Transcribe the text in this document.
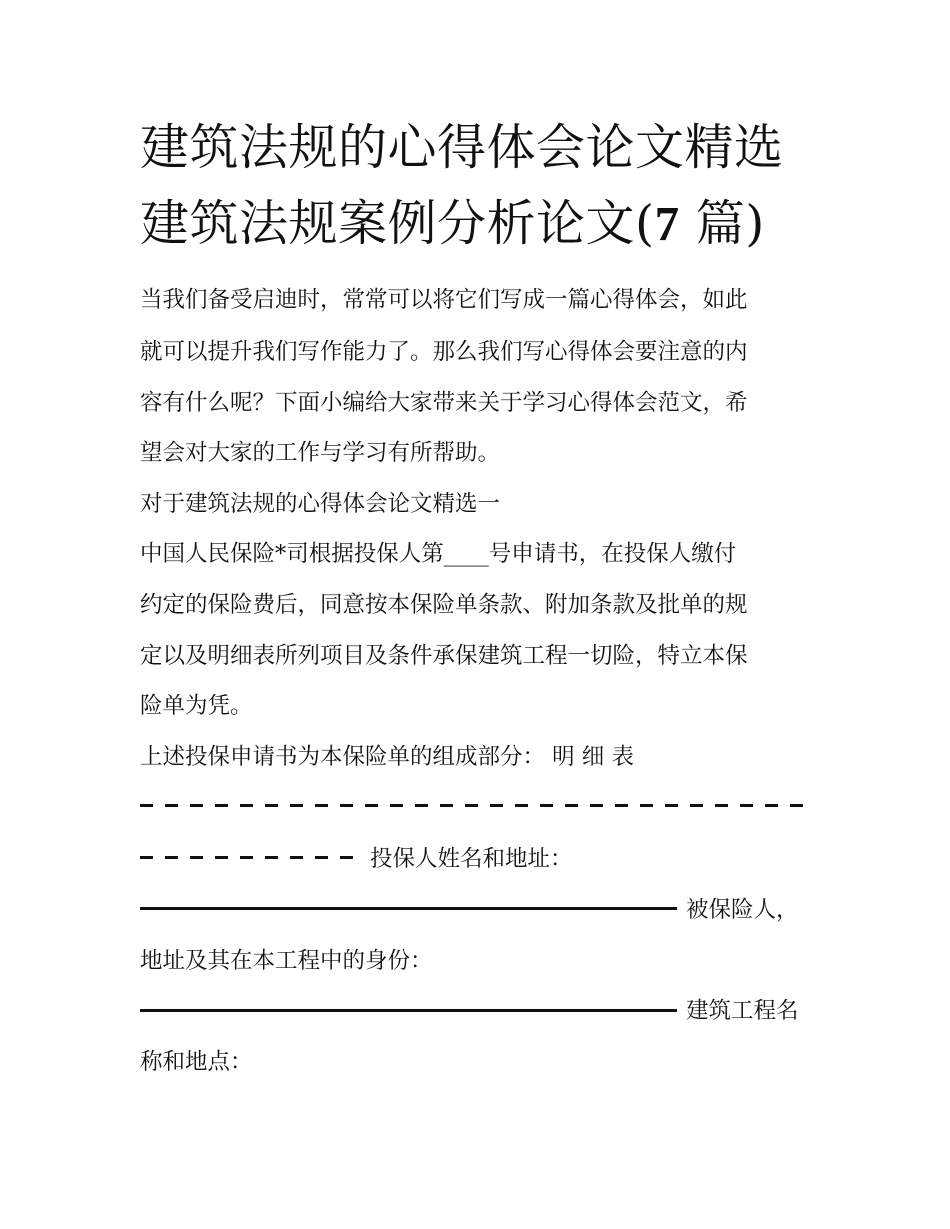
建筑法规的心得体会论文精选
建筑法规案例分析论文(7 篇)
当我们备受启迪时，常常可以将它们写成一篇心得体会，如此
就可以提升我们写作能力了。那么我们写心得体会要注意的内
容有什么呢？下面小编给大家带来关于学习心得体会范文，希
望会对大家的工作与学习有所帮助。
对于建筑法规的心得体会论文精选一
中国人民保险*司根据投保人第____号申请书，在投保人缴付
约定的保险费后，同意按本保险单条款、附加条款及批单的规
定以及明细表所列项目及条件承保建筑工程一切险，特立本保
险单为凭。
上述投保申请书为本保险单的组成部分： 明 细 表
投保人姓名和地址：
被保险人，
地址及其在本工程中的身份：
建筑工程名
称和地点：
